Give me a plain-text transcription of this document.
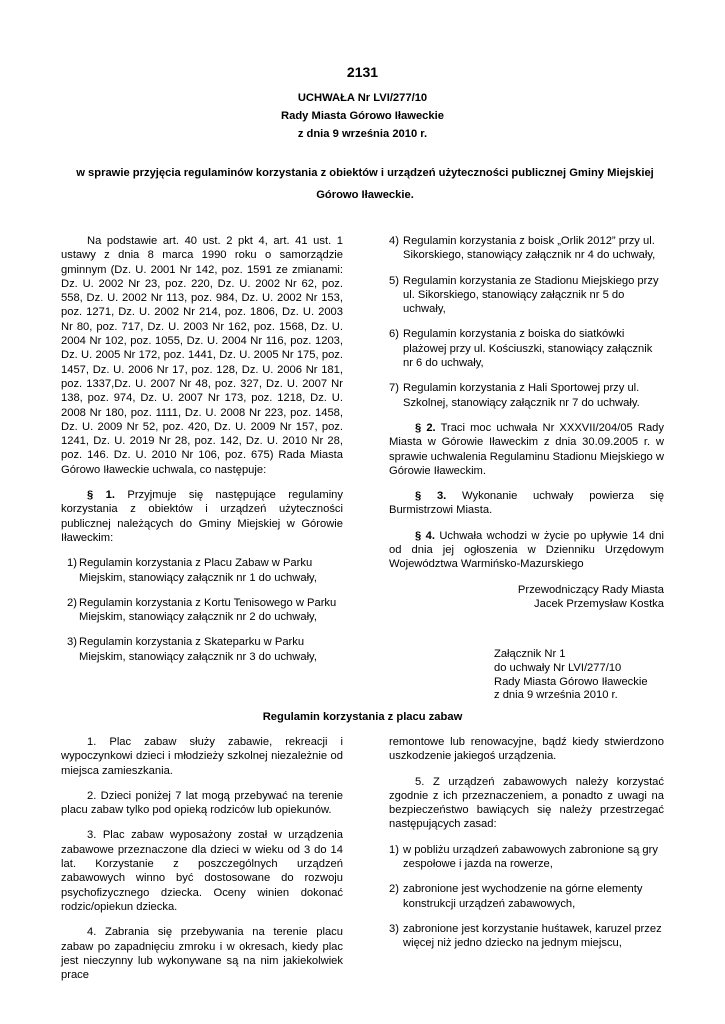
2131
UCHWAŁA Nr LVI/277/10
Rady Miasta Górowo Iławeckie
z dnia 9 września 2010 r.
w sprawie przyjęcia regulaminów korzystania z obiektów i urządzeń użyteczności publicznej Gminy Miejskiej Górowo Iławeckie.

Na podstawie art. 40 ust. 2 pkt 4, art. 41 ust. 1 ustawy z dnia 8 marca 1990 roku o samorządzie gminnym (Dz. U. 2001 Nr 142, poz. 1591 ze zmianami: Dz. U. 2002 Nr 23, poz. 220, Dz. U. 2002 Nr 62, poz. 558, Dz. U. 2002 Nr 113, poz. 984, Dz. U. 2002 Nr 153, poz. 1271, Dz. U. 2002 Nr 214, poz. 1806, Dz. U. 2003 Nr 80, poz. 717, Dz. U. 2003 Nr 162, poz. 1568, Dz. U. 2004 Nr 102, poz. 1055, Dz. U. 2004 Nr 116, poz. 1203, Dz. U. 2005 Nr 172, poz. 1441, Dz. U. 2005 Nr 175, poz. 1457, Dz. U. 2006 Nr 17, poz. 128, Dz. U. 2006 Nr 181, poz. 1337,Dz. U. 2007 Nr 48, poz. 327, Dz. U. 2007 Nr 138, poz. 974, Dz. U. 2007 Nr 173, poz. 1218, Dz. U. 2008 Nr 180, poz. 1111, Dz. U. 2008 Nr 223, poz. 1458, Dz. U. 2009 Nr 52, poz. 420, Dz. U. 2009 Nr 157, poz. 1241, Dz. U. 2019 Nr 28, poz. 142, Dz. U. 2010 Nr 28, poz. 146. Dz. U. 2010 Nr 106, poz. 675) Rada Miasta Górowo Iławeckie uchwala, co następuje:

§ 1. Przyjmuje się następujące regulaminy korzystania z obiektów i urządzeń użyteczności publicznej należących do Gminy Miejskiej w Górowie Iławeckim:

1) Regulamin korzystania z Placu Zabaw w Parku Miejskim, stanowiący załącznik nr 1 do uchwały,
2) Regulamin korzystania z Kortu Tenisowego w Parku Miejskim, stanowiący załącznik nr 2 do uchwały,
3) Regulamin korzystania z Skateparku w Parku Miejskim, stanowiący załącznik nr 3 do uchwały,
4) Regulamin korzystania z boisk „Orlik 2012” przy ul. Sikorskiego, stanowiący załącznik nr 4 do uchwały,
5) Regulamin korzystania ze Stadionu Miejskiego przy ul. Sikorskiego, stanowiący załącznik nr 5 do uchwały,
6) Regulamin korzystania z boiska do siatkówki plażowej przy ul. Kościuszki, stanowiący załącznik nr 6 do uchwały,
7) Regulamin korzystania z Hali Sportowej przy ul. Szkolnej, stanowiący załącznik nr 7 do uchwały.

§ 2. Traci moc uchwała Nr XXXVII/204/05 Rady Miasta w Górowie Iławeckim z dnia 30.09.2005 r. w sprawie uchwalenia Regulaminu Stadionu Miejskiego w Górowie Iławeckim.

§ 3. Wykonanie uchwały powierza się Burmistrzowi Miasta.

§ 4. Uchwała wchodzi w życie po upływie 14 dni od dnia jej ogłoszenia w Dzienniku Urzędowym Województwa Warmińsko-Mazurskiego

Przewodniczący Rady Miasta
Jacek Przemysław Kostka
Załącznik Nr 1
do uchwały Nr LVI/277/10
Rady Miasta Górowo Iławeckie
z dnia 9 września 2010 r.
Regulamin korzystania z placu zabaw

1. Plac zabaw służy zabawie, rekreacji i wypoczynkowi dzieci i młodzieży szkolnej niezależnie od miejsca zamieszkania.

2. Dzieci poniżej 7 lat mogą przebywać na terenie placu zabaw tylko pod opieką rodziców lub opiekunów.

3. Plac zabaw wyposażony został w urządzenia zabawowe przeznaczone dla dzieci w wieku od 3 do 14 lat. Korzystanie z poszczególnych urządzeń zabawowych winno być dostosowane do rozwoju psychofizycznego dziecka. Oceny winien dokonać rodzic/opiekun dziecka.

4. Zabrania się przebywania na terenie placu zabaw po zapadnięciu zmroku i w okresach, kiedy plac jest nieczynny lub wykonywane są na nim jakiekolwiek prace

remontowe lub renowacyjne, bądź kiedy stwierdzono uszkodzenie jakiegoś urządzenia.

5. Z urządzeń zabawowych należy korzystać zgodnie z ich przeznaczeniem, a ponadto z uwagi na bezpieczeństwo bawiących się należy przestrzegać następujących zasad:

1) w pobliżu urządzeń zabawowych zabronione są gry zespołowe i jazda na rowerze,
2) zabronione jest wychodzenie na górne elementy konstrukcji urządzeń zabawowych,
3) zabronione jest korzystanie huśtawek, karuzel przez więcej niż jedno dziecko na jednym miejscu,
